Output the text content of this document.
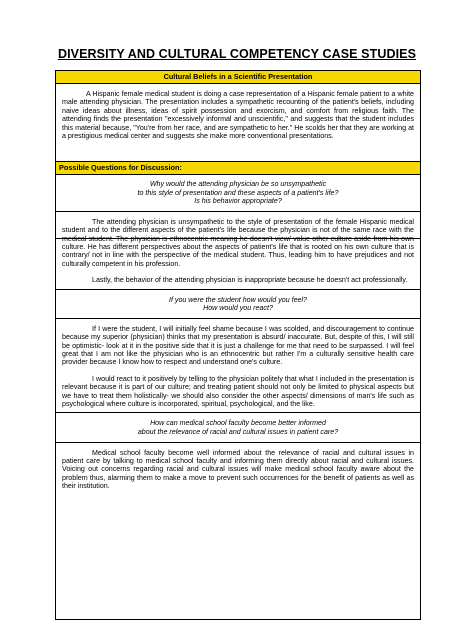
DIVERSITY AND CULTURAL COMPETENCY CASE STUDIES
Cultural Beliefs in a Scientific Presentation

A Hispanic female medical student is doing a case representation of a Hispanic female patient to a white male attending physician. The presentation includes a sympathetic recounting of the patient's beliefs, including naive ideas about illness, ideas of spirit possession and exorcism, and comfort from religious faith. The attending finds the presentation "excessively informal and unscientific," and suggests that the student includes this material because, "You're from her race, and are sympathetic to her." He scolds her that they are working at a prestigious medical center and suggests she make more conventional presentations.

Possible Questions for Discussion:

Why would the attending physician be so unsympathetic

to this style of presentation and these aspects of a patient's life?

Is his behavior appropriate?

The attending physician is unsympathetic to the style of presentation of the female Hispanic medical student and to the different aspects of the patient's life because the physician is not of the same race with the medical student. The physician is ethnocentric meaning he doesn't view/ value other culture aside from his own culture. He has different perspectives about the aspects of patient's life that is rooted on his own culture that is contrary/ not in line with the perspective of the medical student. Thus, leading him to have prejudices and not culturally competent in his profession.

Lastly, the behavior of the attending physician is inappropriate because he doesn't act professionally.

If you were the student how would you feel?

How would you react?

If I were the student, I will initially feel shame because I was scolded, and discouragement to continue because my superior (physician) thinks that my presentation is absurd/ inaccurate. But, despite of this, I will still be optimistic- look at it in the positive side that it is just a challenge for me that need to be surpassed. I will feel great that I am not like the physician who is an ethnocentric but rather I'm a culturally sensitive health care provider because I know how to respect and understand one's culture.

I would react to it positively by telling to the physician politely that what I included in the presentation is relevant because it is part of our culture; and treating patient should not only be limited to physical aspects but we have to treat them holistically- we should also consider the other aspects/ dimensions of man's life such as psychological where culture is incorporated, spiritual, psychological, and the like.

How can medical school faculty become better informed

about the relevance of racial and cultural issues in patient care?

Medical school faculty become well informed about the relevance of racial and cultural issues in patient care by talking to medical school faculty and informing them directly about racial and cultural issues. Voicing out concerns regarding racial and cultural issues will make medical school faculty aware about the problem thus, alarming them to make a move to prevent such occurrences for the benefit of patients as well as their institution.
